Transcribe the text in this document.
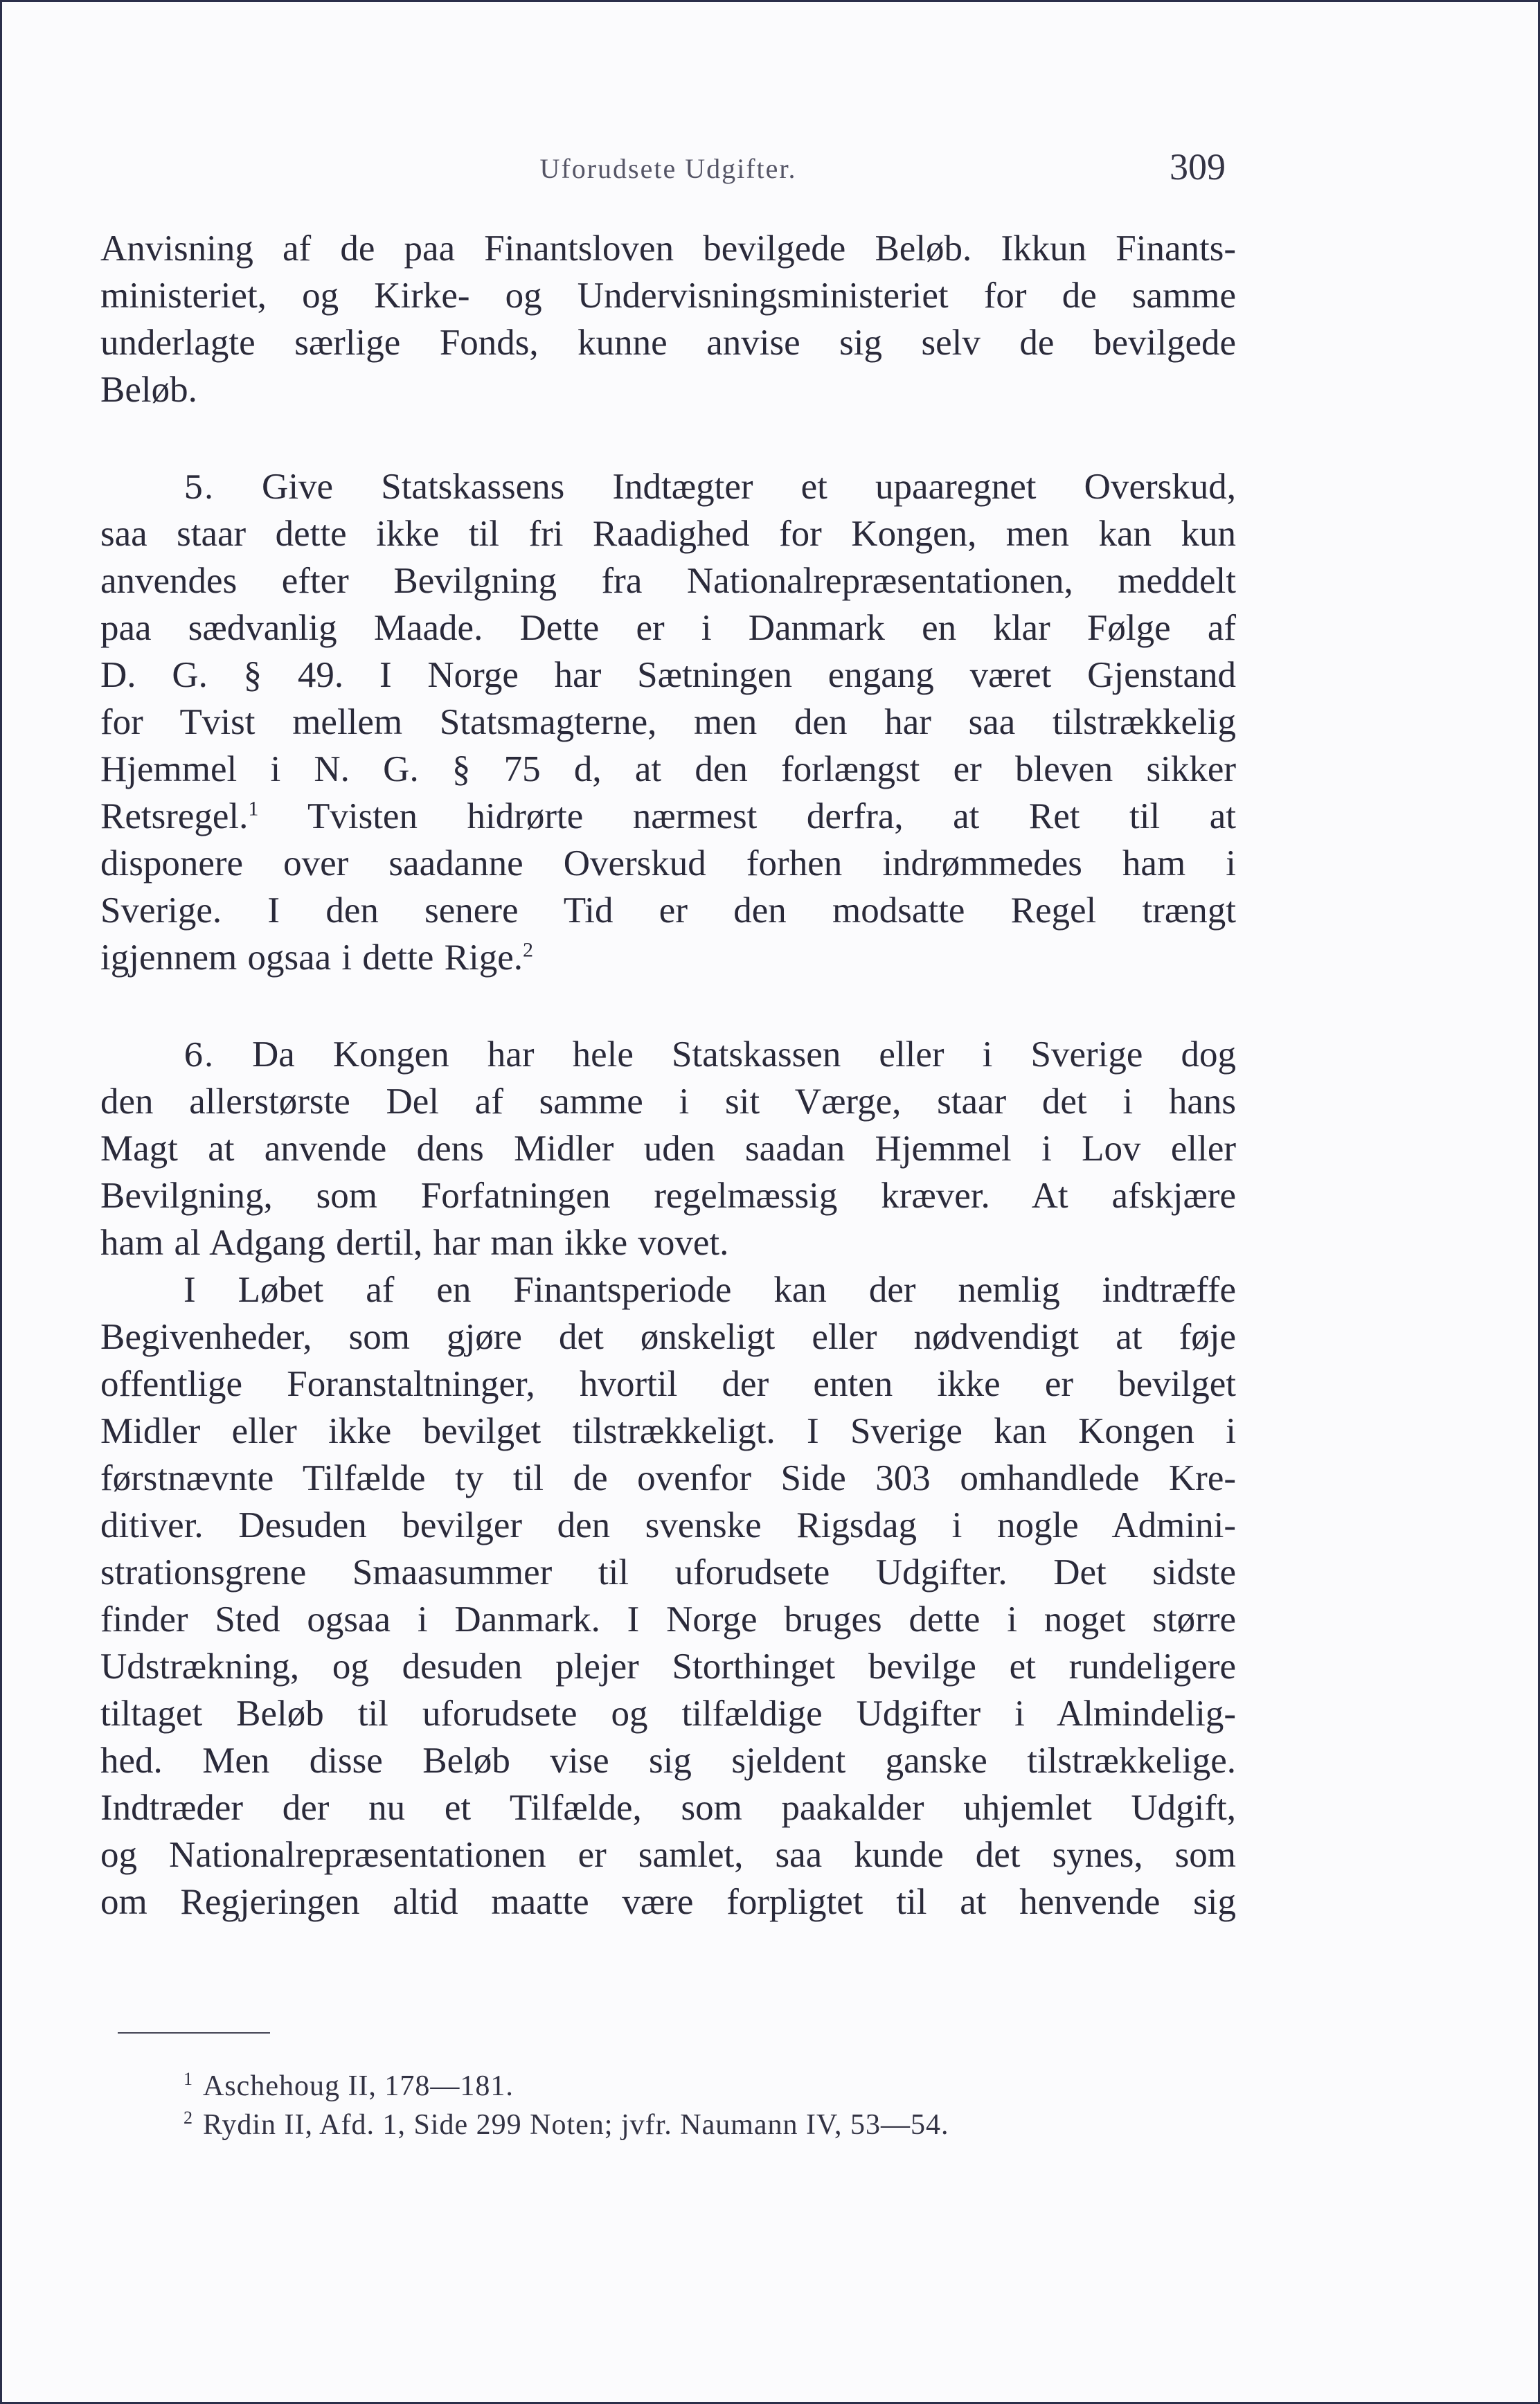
Uforudsete Udgifter.	309
Anvisning af de paa Finantsloven bevilgede Beløb. Ikkun Finants-
ministeriet, og Kirke- og Undervisningsministeriet for de samme
underlagte særlige Fonds, kunne anvise sig selv de bevilgede
Beløb.
5. Give Statskassens Indtægter et upaaregnet Overskud,
saa staar dette ikke til fri Raadighed for Kongen, men kan kun
anvendes efter Bevilgning fra Nationalrepræsentationen, meddelt
paa sædvanlig Maade. Dette er i Danmark en klar Følge af
D. G. § 49. I Norge har Sætningen engang været Gjenstand
for Tvist mellem Statsmagterne, men den har saa tilstrækkelig
Hjemmel i N. G. § 75 d, at den forlængst er bleven sikker
Retsregel.$^1$ Tvisten hidrørte nærmest derfra, at Ret til at
disponere over saadanne Overskud forhen indrømmedes ham i
Sverige. I den senere Tid er den modsatte Regel trængt
igjennem ogsaa i dette Rige.$^2$
6. Da Kongen har hele Statskassen eller i Sverige dog
den allerstørste Del af samme i sit Værge, staar det i hans
Magt at anvende dens Midler uden saadan Hjemmel i Lov eller
Bevilgning, som Forfatningen regelmæssig kræver. At afskjære
ham al Adgang dertil, har man ikke vovet.
I Løbet af en Finantsperiode kan der nemlig indtræffe
Begivenheder, som gjøre det ønskeligt eller nødvendigt at føje
offentlige Foranstaltninger, hvortil der enten ikke er bevilget
Midler eller ikke bevilget tilstrækkeligt. I Sverige kan Kongen i
førstnævnte Tilfælde ty til de ovenfor Side 303 omhandlede Kre-
ditiver. Desuden bevilger den svenske Rigsdag i nogle Admini-
strationsgrene Smaasummer til uforudsete Udgifter. Det sidste
finder Sted ogsaa i Danmark. I Norge bruges dette i noget større
Udstrækning, og desuden plejer Storthinget bevilge et rundeligere
tiltaget Beløb til uforudsete og tilfældige Udgifter i Almindelig-
hed. Men disse Beløb vise sig sjeldent ganske tilstrækkelige.
Indtræder der nu et Tilfælde, som paakalder uhjemlet Udgift,
og Nationalrepræsentationen er samlet, saa kunde det synes, som
om Regjeringen altid maatte være forpligtet til at henvende sig
$^1$ Aschehoug II, 178—181.
$^2$ Rydin II, Afd. 1, Side 299 Noten; jvfr. Naumann IV, 53—54.
